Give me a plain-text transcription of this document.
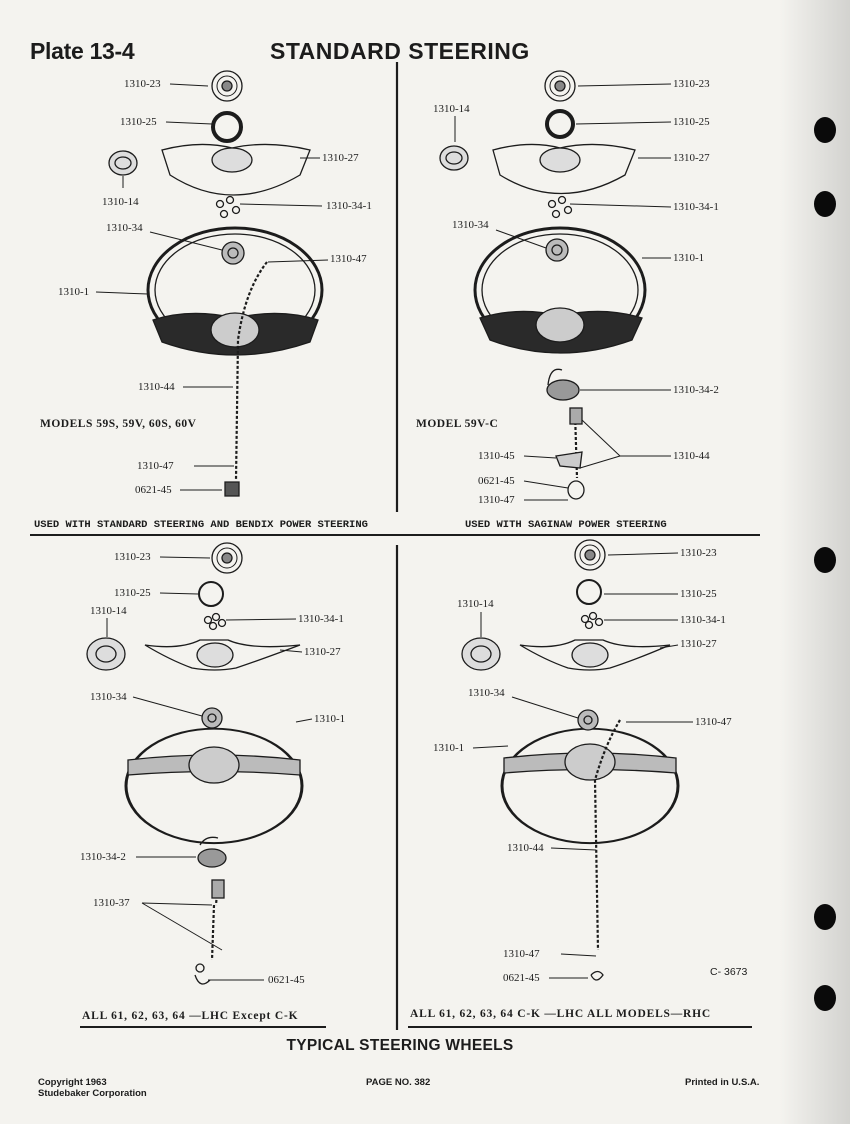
Plate 13-4	STANDARD STEERING
1310-23
1310-25
1310-27
1310-14	1310-34-1
1310-34
1310-47
1310-1
1310-44
1310-47
0621-45
MODELS 59S, 59V, 60S, 60V
1310-23
1310-14
1310-25
1310-27
1310-34-1
1310-34
1310-1
1310-34-2
1310-45	1310-44
0621-45
1310-47
MODEL 59V-C
USED WITH STANDARD STEERING AND BENDIX POWER STEERING	USED WITH SAGINAW POWER STEERING
1310-23
1310-25
1310-14
1310-34-1
1310-27
1310-34
1310-1
1310-34-2
1310-37
0621-45
ALL 61, 62, 63, 64 —LHC Except C-K
1310-23
1310-25
1310-14
1310-34-1
1310-27
1310-34
1310-47
1310-1
1310-44
1310-47
0621-45	C- 3673
ALL 61, 62, 63, 64 C-K —LHC ALL MODELS—RHC
TYPICAL STEERING WHEELS
Copyright 1963
Studebaker Corporation
PAGE NO. 382	Printed in U.S.A.
